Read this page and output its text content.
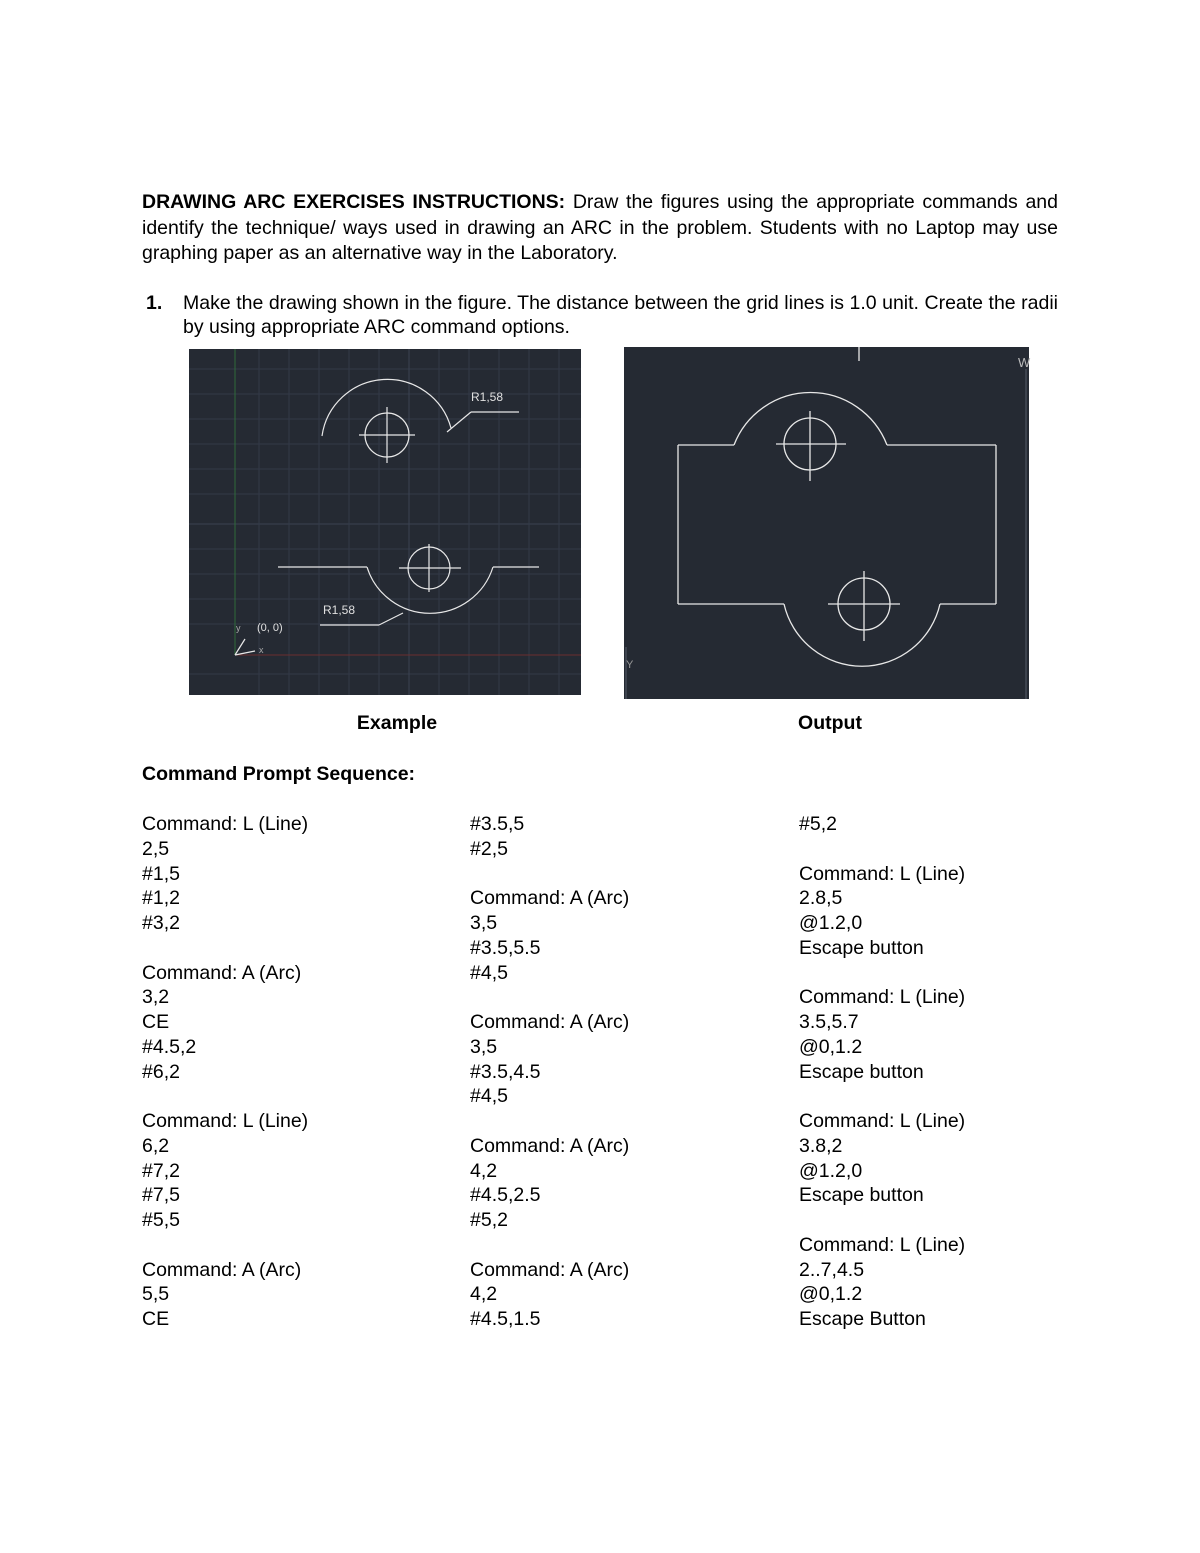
DRAWING ARC EXERCISES INSTRUCTIONS: Draw the figures using the appropriate commands and identify the technique/ ways used in drawing an ARC in the problem. Students with no Laptop may use graphing paper as an alternative way in the Laboratory.
1. Make the drawing shown in the figure. The distance between the grid lines is 1.0 unit. Create the radii by using appropriate ARC command options.
R1,58
R1,58
(0, 0)
x
y
Y
W
Example	Output
Command Prompt Sequence:
Command: L (Line)
2,5
#1,5
#1,2
#3,2
Command: A (Arc)
3,2
CE
#4.5,2
#6,2
Command: L (Line)
6,2
#7,2
#7,5
#5,5
Command: A (Arc)
5,5
CE
#3.5,5
#2,5
Command: A (Arc)
3,5
#3.5,5.5
#4,5
Command: A (Arc)
3,5
#3.5,4.5
#4,5
Command: A (Arc)
4,2
#4.5,2.5
#5,2
Command: A (Arc)
4,2
#4.5,1.5
#5,2
Command: L (Line)
2.8,5
@1.2,0
Escape button
Command: L (Line)
3.5,5.7
@0,1.2
Escape button
Command: L (Line)
3.8,2
@1.2,0
Escape button
Command: L (Line)
2..7,4.5
@0,1.2
Escape Button
